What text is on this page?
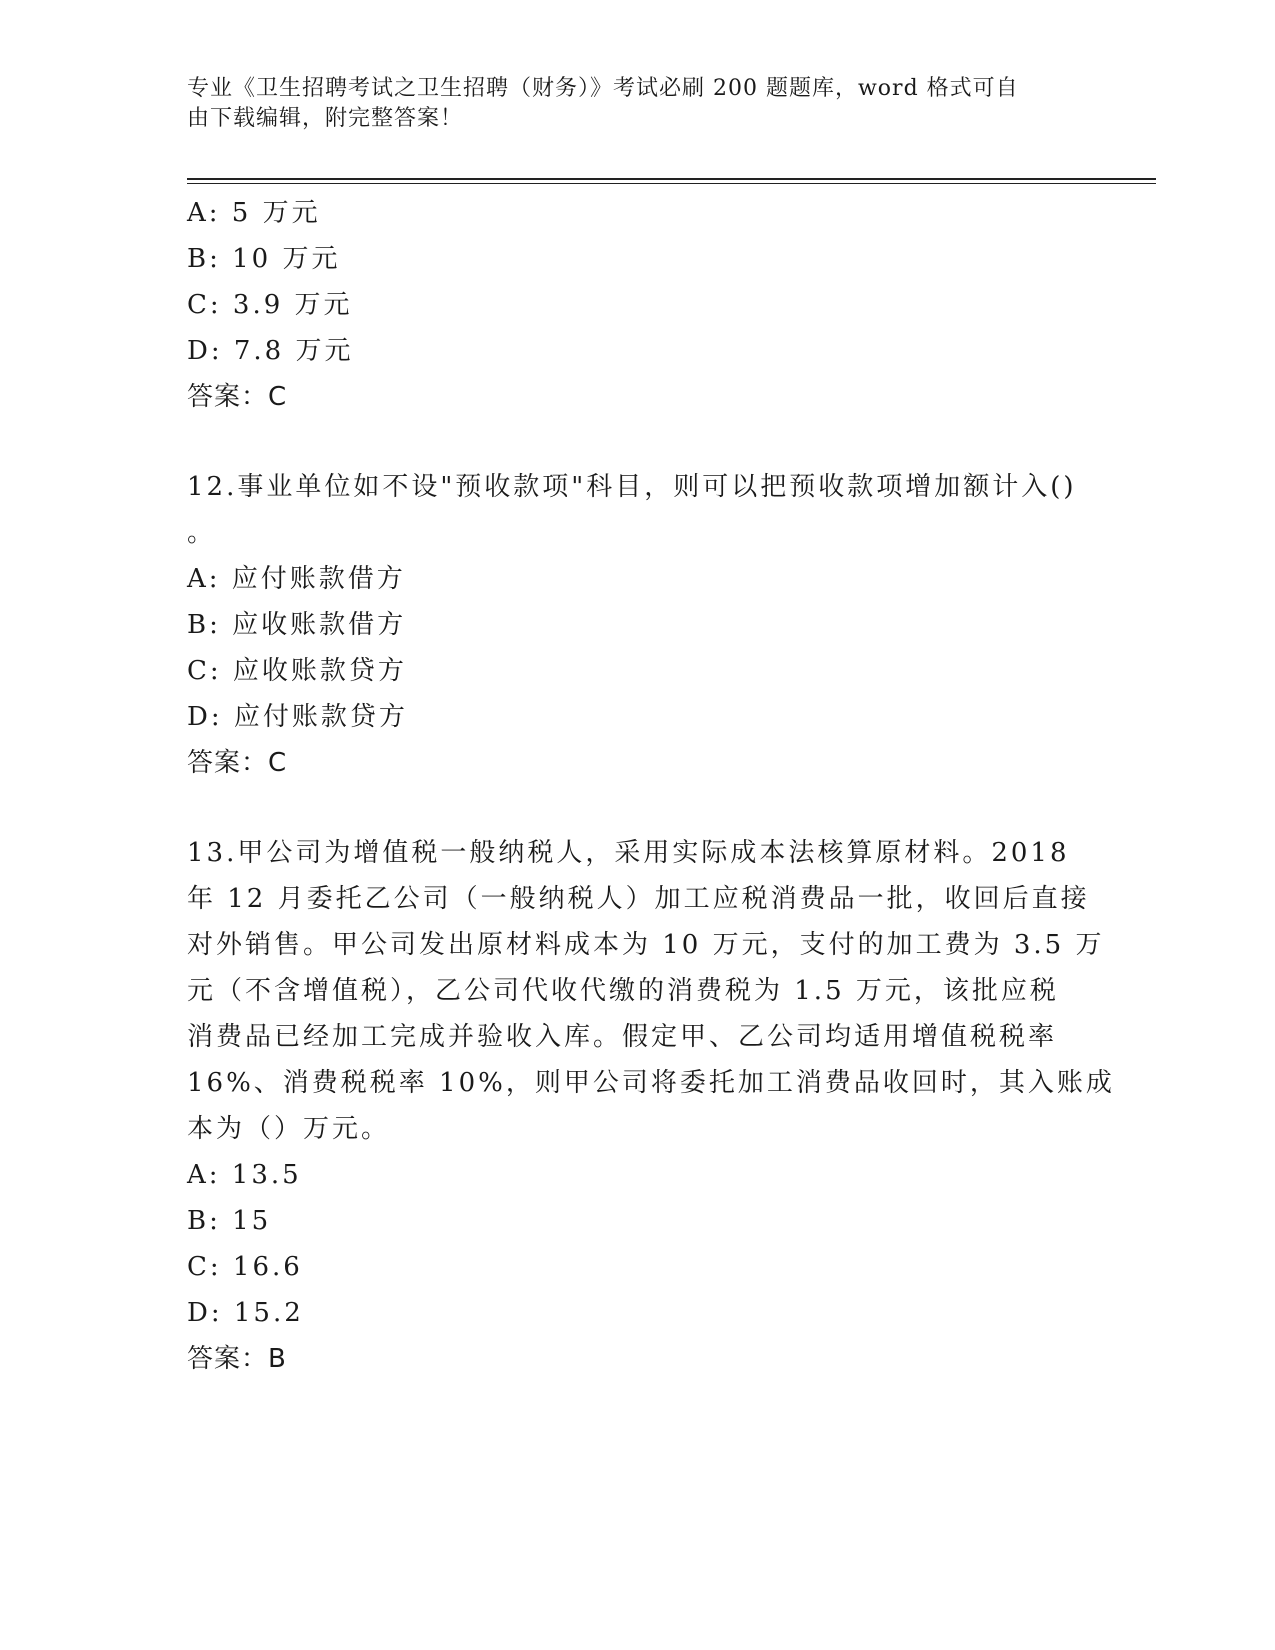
专业《卫生招聘考试之卫生招聘（财务）》考试必刷 200 题题库，word 格式可自
由下载编辑，附完整答案！
A: 5 万元
B: 10 万元
C: 3.9 万元
D: 7.8 万元
答案：C
12.事业单位如不设"预收款项"科目，则可以把预收款项增加额计入()
。
A: 应付账款借方
B: 应收账款借方
C: 应收账款贷方
D: 应付账款贷方
答案：C
13.甲公司为增值税一般纳税人，采用实际成本法核算原材料。2018
年 12 月委托乙公司（一般纳税人）加工应税消费品一批，收回后直接
对外销售。甲公司发出原材料成本为 10 万元，支付的加工费为 3.5 万
元（不含增值税），乙公司代收代缴的消费税为 1.5 万元，该批应税
消费品已经加工完成并验收入库。假定甲、乙公司均适用增值税税率
16%、消费税税率 10%，则甲公司将委托加工消费品收回时，其入账成
本为（）万元。
A: 13.5
B: 15
C: 16.6
D: 15.2
答案：B
